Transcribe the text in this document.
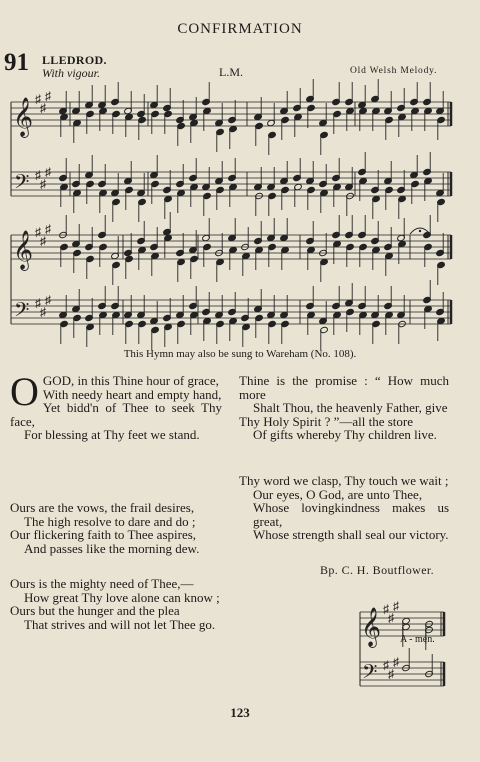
CONFIRMATION
91 LLEDROD.
With vigour.	L.M.	Old Welsh Melody.
𝄞
𝄢
♯
♯
♯
♯
♯
♯
𝄞
𝄢
♯
♯
♯
♯
♯
♯
This Hymn may also be sung to Wareham (No. 108).
O GOD, in this Thine hour of grace,

With needy heart and empty hand,

Yet bidd'n of Thee to seek Thy face,

For blessing at Thy feet we stand.

Ours are the vows, the frail desires,

The high resolve to dare and do ;

Our flickering faith to Thee aspires,

And passes like the morning dew.

Ours is the mighty need of Thee,—

How great Thy love alone can know ;

Ours but the hunger and the plea

That strives and will not let Thee go.

Thine is the promise : “ How much more

Shalt Thou, the heavenly Father, give

Thy Holy Spirit ? ”—all the store

Of gifts whereby Thy children live.

Thy word we clasp, Thy touch we wait ;

Our eyes, O God, are unto Thee,

Whose lovingkindness makes us great,

Whose strength shall seal our victory.

Bp. C. H. Boutflower.
𝄞
𝄢
♯
♯
♯
♯
♯
♯
A - men.
123
